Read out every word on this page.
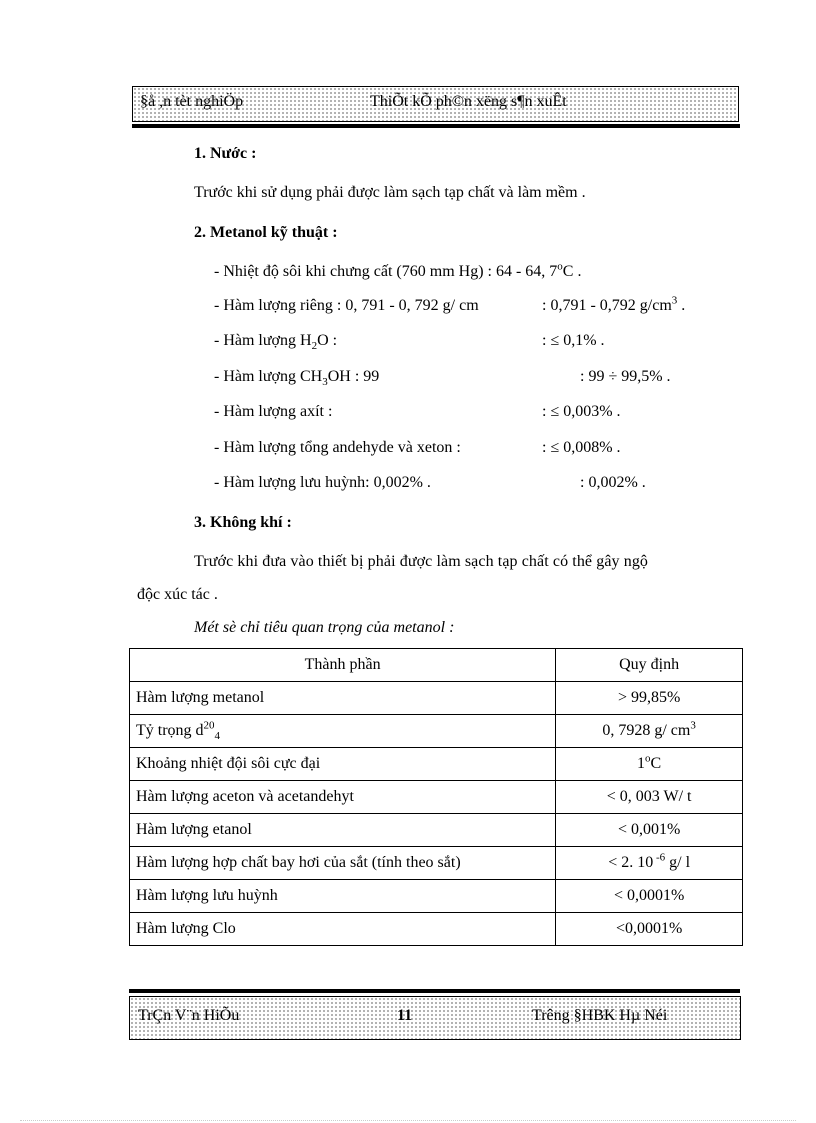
§å ,n tèt nghiÖp	ThiÕt kÕ ph©n xëng s¶n xuÊt
1. Nước :
Trước khi sử dụng phải được làm sạch tạp chất và làm mềm .
2. Metanol kỹ thuật :
- Nhiệt độ sôi khi chưng cất (760 mm Hg) : 64 - 64, 7$^o$C .
- Hàm lượng riêng : 0, 791 - 0, 792 g/ cm	: 0,791 - 0,792 $g/cm^3$ .
- Hàm lượng $H_2O$ :	: ≤ 0,1% .
- Hàm lượng $CH_3OH$ : 99	: 99 ÷ 99,5% .
- Hàm lượng axít :	: ≤ 0,003% .
- Hàm lượng tổng andehyde và xeton :	: ≤ 0,008% .
- Hàm lượng lưu huỳnh: 0,002% .	: 0,002% .
3. Không khí :
Trước khi đưa vào thiết bị phải được làm sạch tạp chất có thể gây ngộ
độc xúc tác .
Mét sè chỉ tiêu quan trọng của metanol :
Thành phần	Quy định
Hàm lượng metanol	> 99,85%
Tỷ trọng $d^{20}_4$	0, 7928 g/ $cm^3$
Khoảng nhiệt đội sôi cực đại	1$^o$C
Hàm lượng aceton và acetandehyt	< 0, 003 W/ t
Hàm lượng etanol	< 0,001%
Hàm lượng hợp chất bay hơi của sắt (tính theo sắt)	< 2. 10 $^{-6}$ g/ l
Hàm lượng lưu huỳnh	< 0,0001%
Hàm lượng Clo	<0,0001%
TrÇn V¨n HiÕu	11	Trêng §HBK Hµ Néi
